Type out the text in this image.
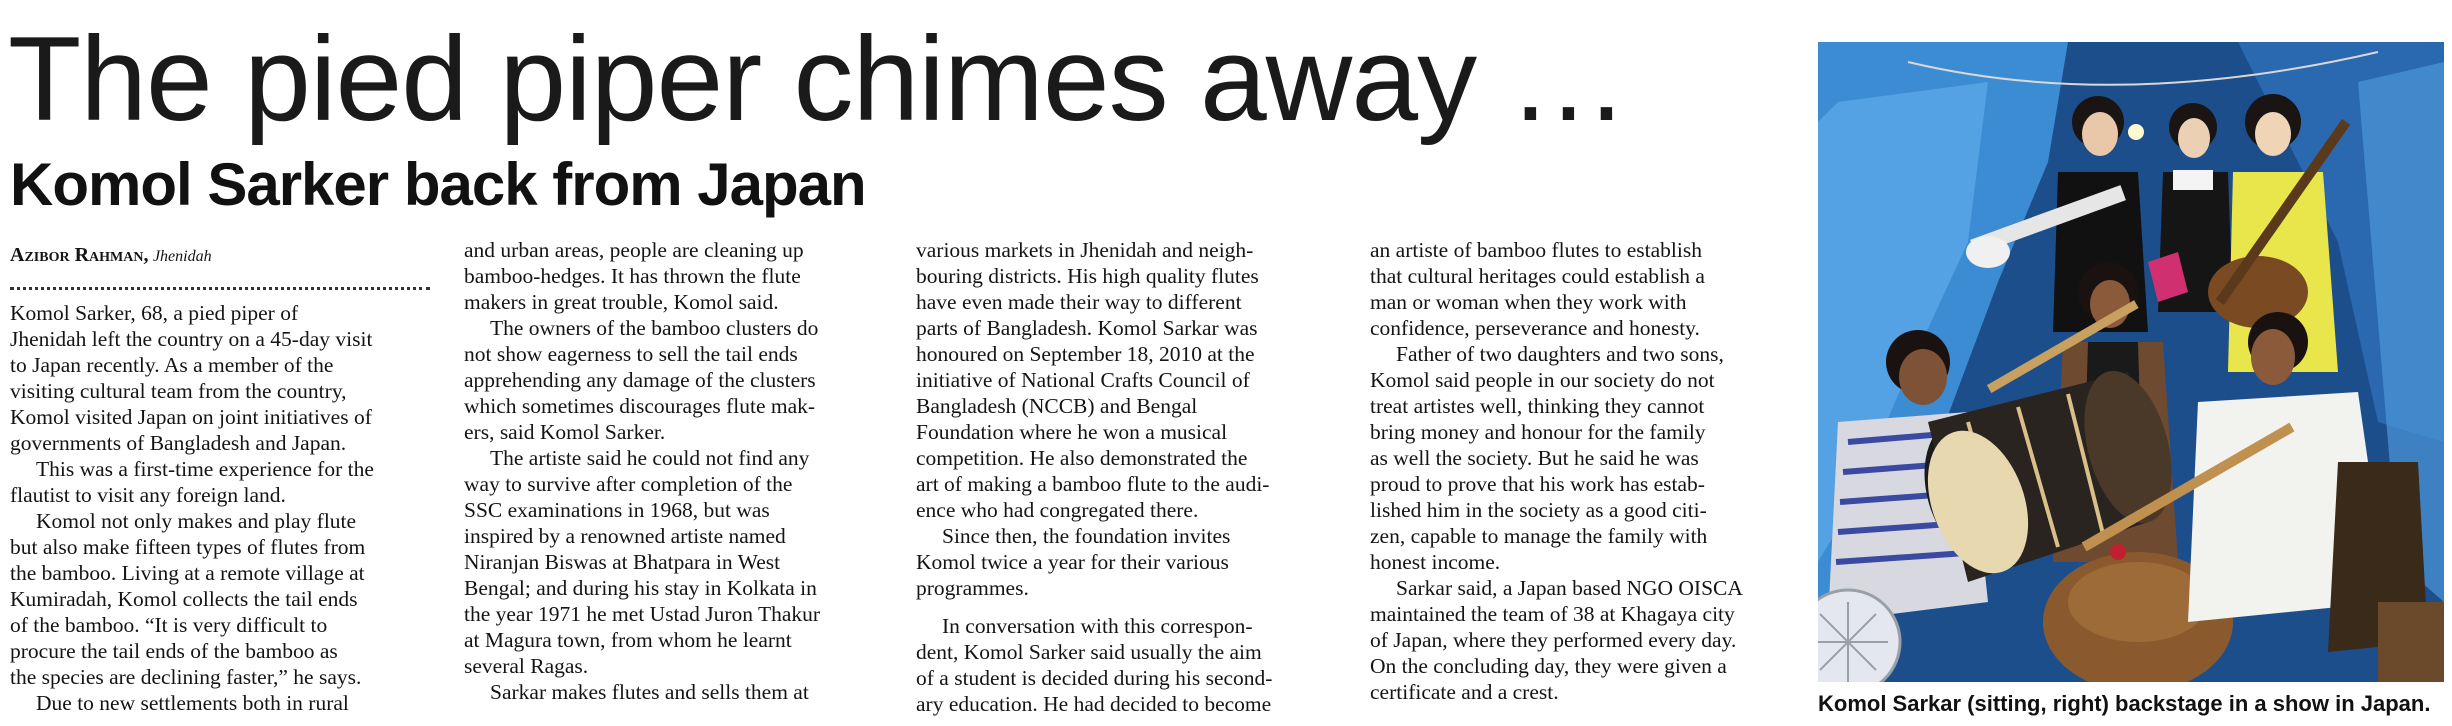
The pied piper chimes away …
Komol Sarker back from Japan
Azibor Rahman, Jhenidah
Komol Sarker, 68, a pied piper of
Jhenidah left the country on a 45-day visit
to Japan recently. As a member of the
visiting cultural team from the country,
Komol visited Japan on joint initiatives of
governments of Bangladesh and Japan.
This was a first-time experience for the
flautist to visit any foreign land.
Komol not only makes and play flute
but also make fifteen types of flutes from
the bamboo. Living at a remote village at
Kumiradah, Komol collects the tail ends
of the bamboo. “It is very difficult to
procure the tail ends of the bamboo as
the species are declining faster,” he says.
Due to new settlements both in rural
and urban areas, people are cleaning up
bamboo-hedges. It has thrown the flute
makers in great trouble, Komol said.
The owners of the bamboo clusters do
not show eagerness to sell the tail ends
apprehending any damage of the clusters
which sometimes discourages flute mak-
ers, said Komol Sarker.
The artiste said he could not find any
way to survive after completion of the
SSC examinations in 1968, but was
inspired by a renowned artiste named
Niranjan Biswas at Bhatpara in West
Bengal; and during his stay in Kolkata in
the year 1971 he met Ustad Juron Thakur
at Magura town, from whom he learnt
several Ragas.
Sarkar makes flutes and sells them at
various markets in Jhenidah and neigh-
bouring districts. His high quality flutes
have even made their way to different
parts of Bangladesh. Komol Sarkar was
honoured on September 18, 2010 at the
initiative of National Crafts Council of
Bangladesh (NCCB) and Bengal
Foundation where he won a musical
competition. He also demonstrated the
art of making a bamboo flute to the audi-
ence who had congregated there.
Since then, the foundation invites
Komol twice a year for their various
programmes.
In conversation with this correspon-
dent, Komol Sarker said usually the aim
of a student is decided during his second-
ary education. He had decided to become
an artiste of bamboo flutes to establish
that cultural heritages could establish a
man or woman when they work with
confidence, perseverance and honesty.
Father of two daughters and two sons,
Komol said people in our society do not
treat artistes well, thinking they cannot
bring money and honour for the family
as well the society. But he said he was
proud to prove that his work has estab-
lished him in the society as a good citi-
zen, capable to manage the family with
honest income.
Sarkar said, a Japan based NGO OISCA
maintained the team of 38 at Khagaya city
of Japan, where they performed every day.
On the concluding day, they were given a
certificate and a crest.	Komol Sarkar (sitting, right) backstage in a show in Japan.
